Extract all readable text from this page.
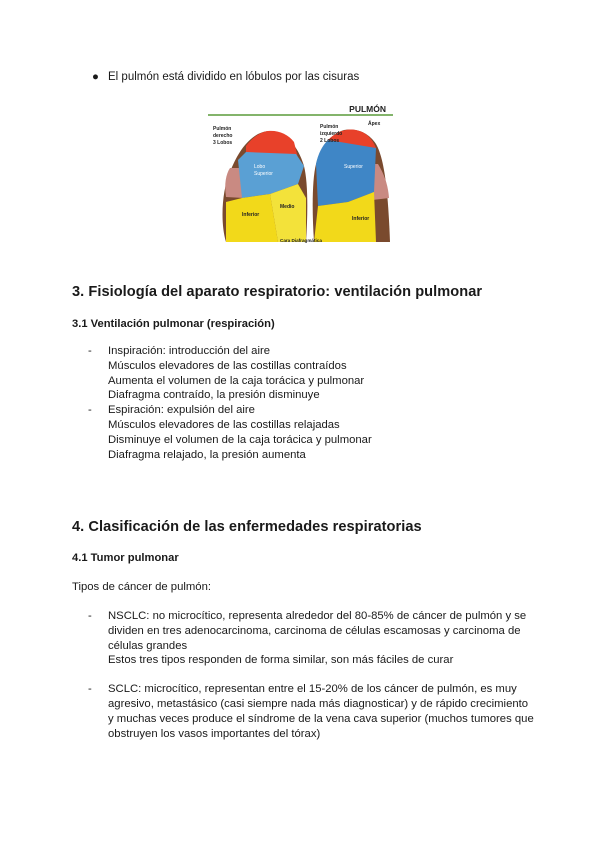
● El pulmón está dividido en lóbulos por las cisuras
PULMÓN
Ápex
Pulmón
derecho
3 Lobos
Lobo
Superior
Medio
Inferior
Pulmón
izquierdo
2 Lobos
Superior
Inferior
Cara Diafragmática
3. Fisiología del aparato respiratorio: ventilación pulmonar
3.1 Ventilación pulmonar (respiración)
-	Inspiración: introducción del aire
Músculos elevadores de las costillas contraídos
Aumenta el volumen de la caja torácica y pulmonar
Diafragma contraído, la presión disminuye
-	Espiración: expulsión del aire
Músculos elevadores de las costillas relajadas
Disminuye el volumen de la caja torácica y pulmonar
Diafragma relajado, la presión aumenta
4. Clasificación de las enfermedades respiratorias
4.1 Tumor pulmonar
Tipos de cáncer de pulmón:
-	NSCLC: no microcítico, representa alrededor del 80-85% de cáncer de pulmón y se
dividen en tres adenocarcinoma, carcinoma de células escamosas y carcinoma de
células grandes
Estos tres tipos responden de forma similar, son más fáciles de curar
-	SCLC: microcítico, representan entre el 15-20% de los cáncer de pulmón, es muy
agresivo, metastásico (casi siempre nada más diagnosticar) y de rápido crecimiento
y muchas veces produce el síndrome de la vena cava superior (muchos tumores que
obstruyen los vasos importantes del tórax)
